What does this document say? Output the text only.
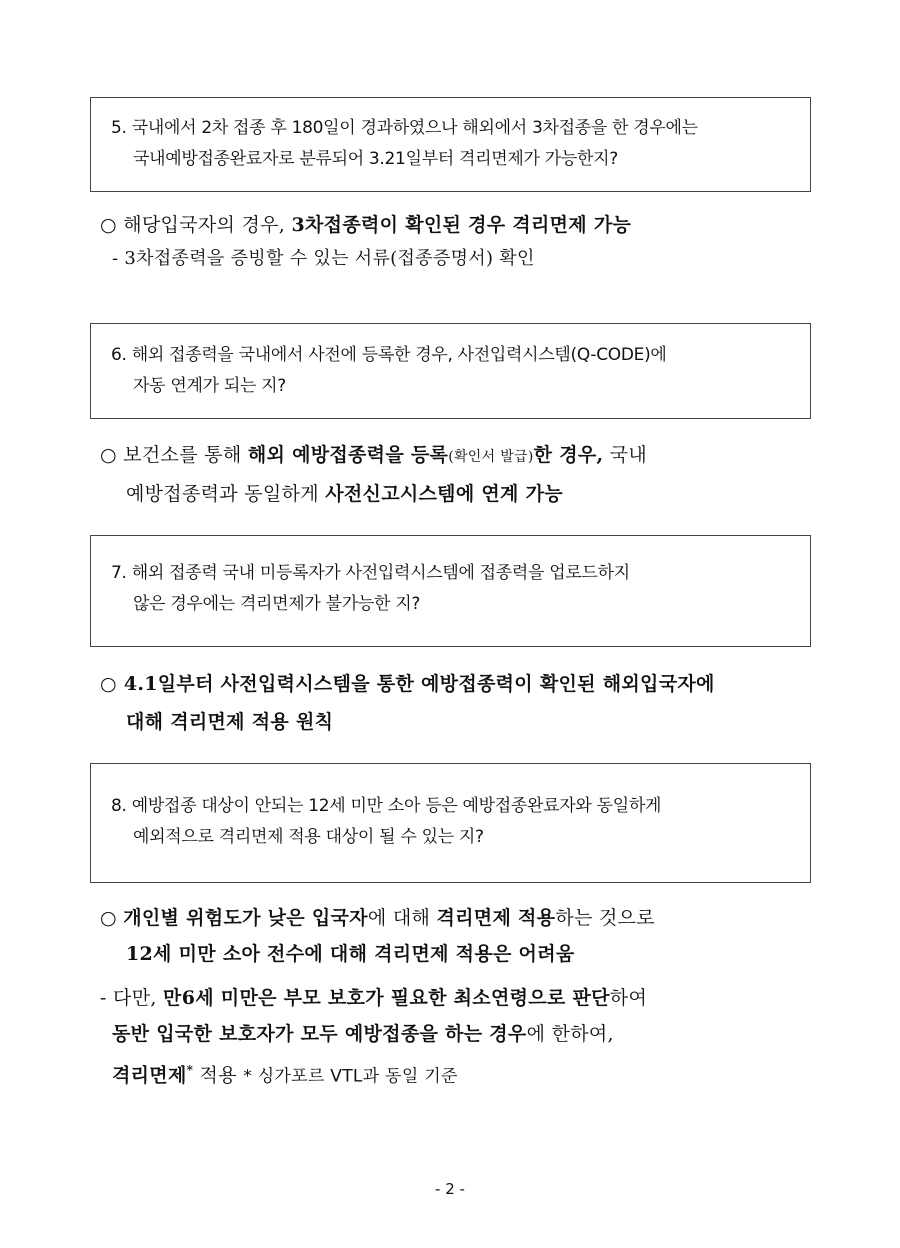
5. 국내에서 2차 접종 후 180일이 경과하였으나 해외에서 3차접종을 한 경우에는
국내예방접종완료자로 분류되어 3.21일부터 격리면제가 가능한지?
○ 해당입국자의 경우, 3차접종력이 확인된 경우 격리면제 가능
- 3차접종력을 증빙할 수 있는 서류(접종증명서) 확인
6. 해외 접종력을 국내에서 사전에 등록한 경우, 사전입력시스템(Q-CODE)에
자동 연계가 되는 지?
○ 보건소를 통해 해외 예방접종력을 등록(확인서 발급)한 경우, 국내
예방접종력과 동일하게 사전신고시스템에 연계 가능
7. 해외 접종력 국내 미등록자가 사전입력시스템에 접종력을 업로드하지
않은 경우에는 격리면제가 불가능한 지?
○ 4.1일부터 사전입력시스템을 통한 예방접종력이 확인된 해외입국자에
대해 격리면제 적용 원칙
8. 예방접종 대상이 안되는 12세 미만 소아 등은 예방접종완료자와 동일하게
예외적으로 격리면제 적용 대상이 될 수 있는 지?
○ 개인별 위험도가 낮은 입국자에 대해 격리면제 적용하는 것으로
12세 미만 소아 전수에 대해 격리면제 적용은 어려움
- 다만, 만6세 미만은 부모 보호가 필요한 최소연령으로 판단하여
동반 입국한 보호자가 모두 예방접종을 하는 경우에 한하여,
격리면제* 적용 * 싱가포르 VTL과 동일 기준
- 2 -
